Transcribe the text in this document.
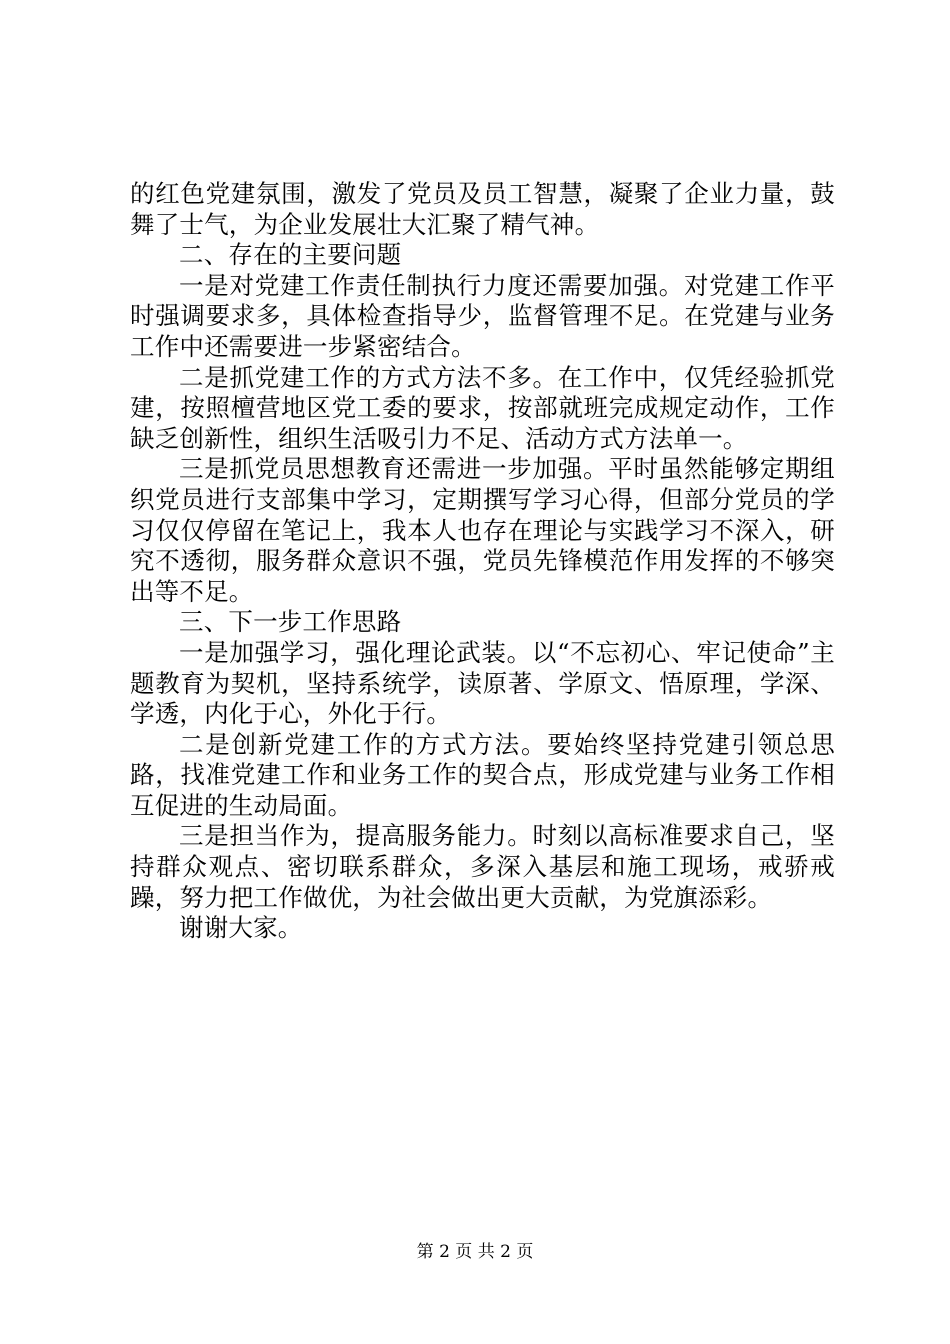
的红色党建氛围，激发了党员及员工智慧，凝聚了企业力量，鼓舞了士气，为企业发展壮大汇聚了精气神。

二、存在的主要问题

一是对党建工作责任制执行力度还需要加强。对党建工作平时强调要求多，具体检查指导少，监督管理不足。在党建与业务工作中还需要进一步紧密结合。

二是抓党建工作的方式方法不多。在工作中，仅凭经验抓党建，按照檀营地区党工委的要求，按部就班完成规定动作，工作缺乏创新性，组织生活吸引力不足、活动方式方法单一。

三是抓党员思想教育还需进一步加强。平时虽然能够定期组织党员进行支部集中学习，定期撰写学习心得，但部分党员的学习仅仅停留在笔记上，我本人也存在理论与实践学习不深入，研究不透彻，服务群众意识不强，党员先锋模范作用发挥的不够突出等不足。

三、下一步工作思路

一是加强学习，强化理论武装。以“不忘初心、牢记使命”主题教育为契机，坚持系统学，读原著、学原文、悟原理，学深、学透，内化于心，外化于行。

二是创新党建工作的方式方法。要始终坚持党建引领总思路，找准党建工作和业务工作的契合点，形成党建与业务工作相互促进的生动局面。

三是担当作为，提高服务能力。时刻以高标准要求自己，坚持群众观点、密切联系群众，多深入基层和施工现场，戒骄戒躁，努力把工作做优，为社会做出更大贡献，为党旗添彩。

谢谢大家。

第 2 页 共 2 页
